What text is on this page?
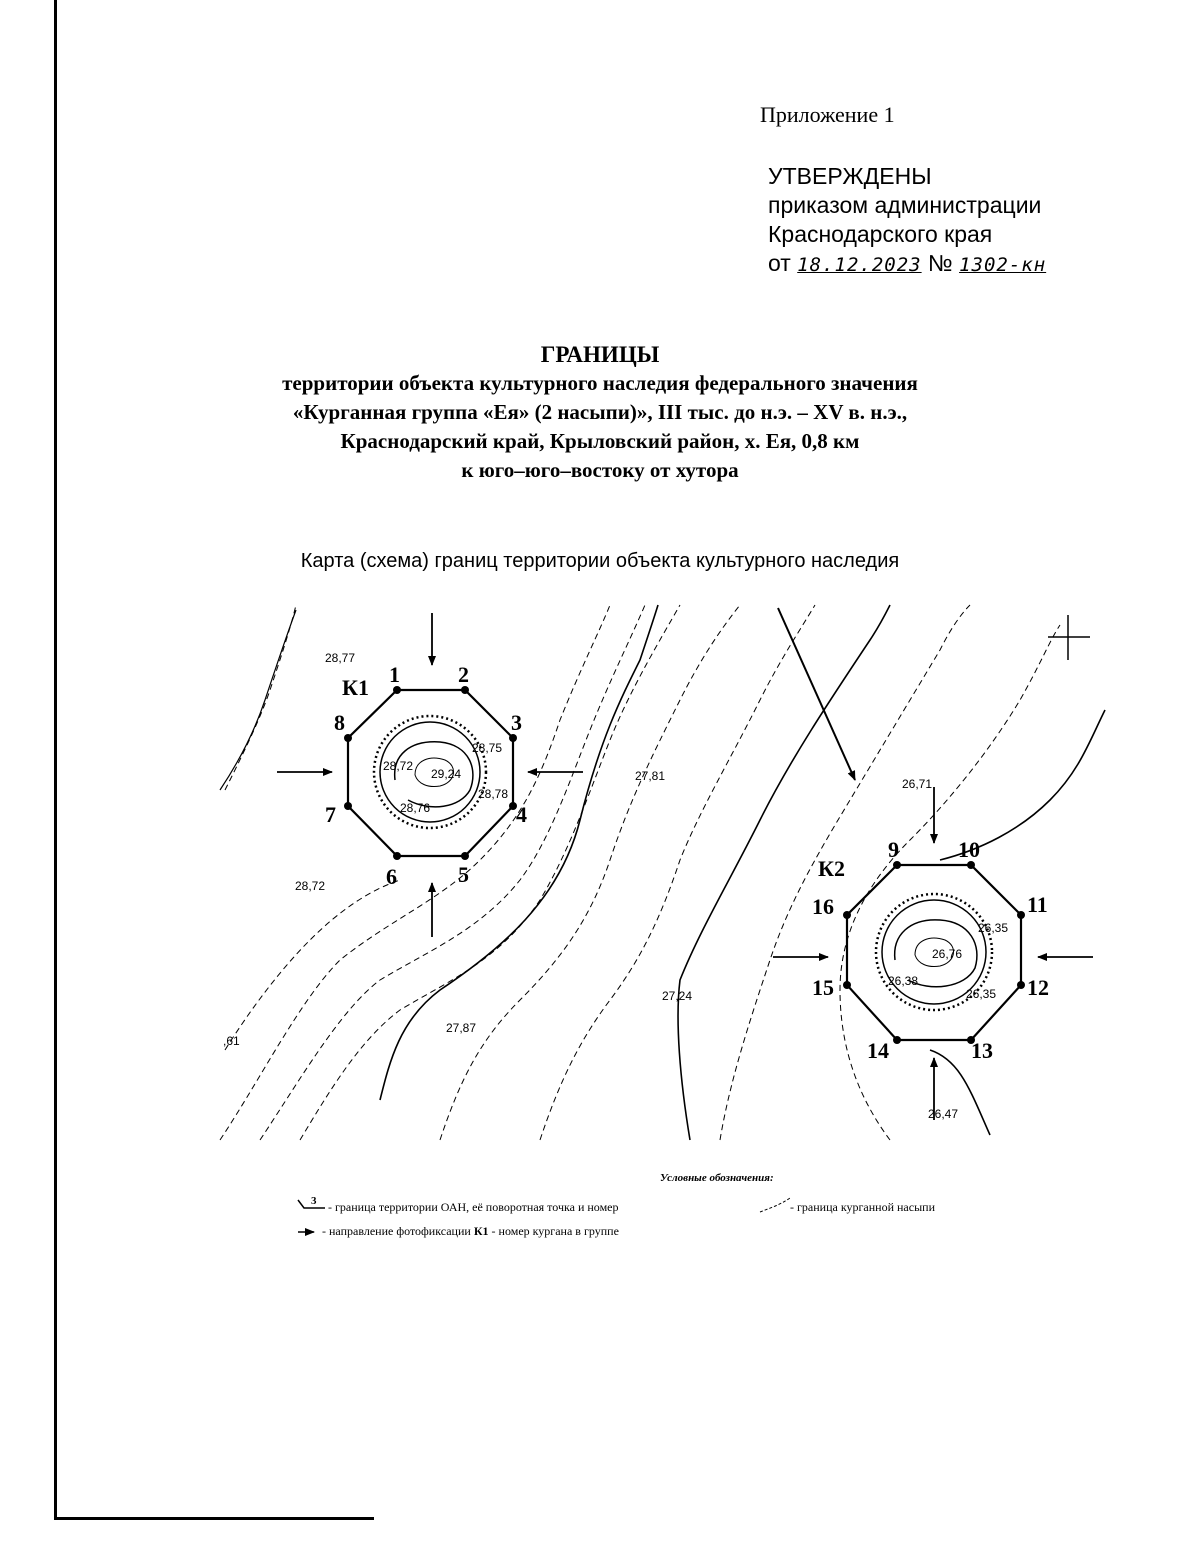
Приложение 1
УТВЕРЖДЕНЫ
приказом администрации
Краснодарского края
от 18.12.2023 № 1302-кн
ГРАНИЦЫ
территории объекта культурного наследия федерального значения
«Курганная группа «Ея» (2 насыпи)», III тыс. до н.э. – XV в. н.э.,
Краснодарский край, Крыловский район, х. Ея, 0,8 км
к юго–юго–востоку от хутора
Карта (схема) границ территории объекта культурного наследия
28,77
28,72
29,24
28,75
28,78
28,76
28,72
27,81
26,71
27,87
27,24
,61
26,35
26,76
26,38
26,35
26,47
К1
К2
1	2
3
4
5
6
7
8
9	10
11
12
13
14
15
16
3
Условные обозначения:
- граница территории ОАН, её поворотная точка и номер	- граница курганной насыпи
- направление фотофиксации К1 - номер кургана в группе
